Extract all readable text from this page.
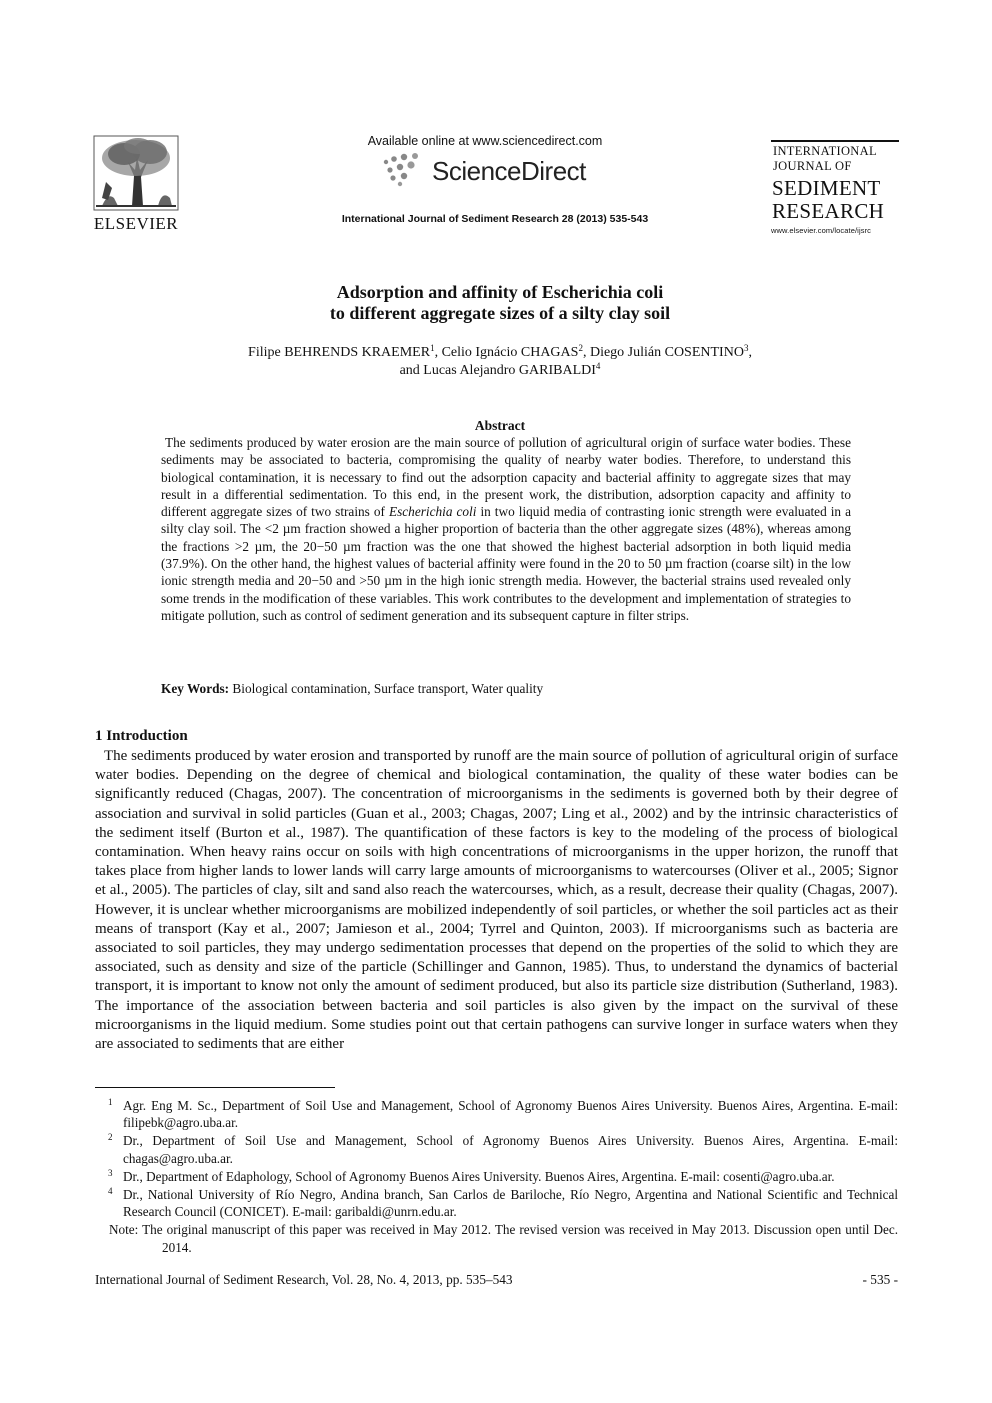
ELSEVIER
Available online at www.sciencedirect.com
ScienceDirect
International Journal of Sediment Research 28 (2013) 535-543
INTERNATIONAL
JOURNAL OF
SEDIMENT
RESEARCH
www.elsevier.com/locate/ijsrc
Adsorption and affinity of Escherichia coli
to different aggregate sizes of a silty clay soil
Filipe BEHRENDS KRAEMER$^1$, Celio Ignácio CHAGAS$^2$, Diego Julián COSENTINO$^3$,
and Lucas Alejandro GARIBALDI$^4$
Abstract
The sediments produced by water erosion are the main source of pollution of agricultural origin of surface water bodies. These sediments may be associated to bacteria, compromising the quality of nearby water bodies. Therefore, to understand this biological contamination, it is necessary to find out the adsorption capacity and bacterial affinity to aggregate sizes that may result in a differential sedimentation. To this end, in the present work, the distribution, adsorption capacity and affinity to different aggregate sizes of two strains of Escherichia coli in two liquid media of contrasting ionic strength were evaluated in a silty clay soil. The <2 µm fraction showed a higher proportion of bacteria than the other aggregate sizes (48%), whereas among the fractions >2 µm, the 20−50 µm fraction was the one that showed the highest bacterial adsorption in both liquid media (37.9%). On the other hand, the highest values of bacterial affinity were found in the 20 to 50 µm fraction (coarse silt) in the low ionic strength media and 20−50 and >50 µm in the high ionic strength media. However, the bacterial strains used revealed only some trends in the modification of these variables. This work contributes to the development and implementation of strategies to mitigate pollution, such as control of sediment generation and its subsequent capture in filter strips.
Key Words: Biological contamination, Surface transport, Water quality
1 Introduction
The sediments produced by water erosion and transported by runoff are the main source of pollution of agricultural origin of surface water bodies. Depending on the degree of chemical and biological contamination, the quality of these water bodies can be significantly reduced (Chagas, 2007). The concentration of microorganisms in the sediments is governed both by their degree of association and survival in solid particles (Guan et al., 2003; Chagas, 2007; Ling et al., 2002) and by the intrinsic characteristics of the sediment itself (Burton et al., 1987). The quantification of these factors is key to the modeling of the process of biological contamination. When heavy rains occur on soils with high concentrations of microorganisms in the upper horizon, the runoff that takes place from higher lands to lower lands will carry large amounts of microorganisms to watercourses (Oliver et al., 2005; Signor et al., 2005). The particles of clay, silt and sand also reach the watercourses, which, as a result, decrease their quality (Chagas, 2007). However, it is unclear whether microorganisms are mobilized independently of soil particles, or whether the soil particles act as their means of transport (Kay et al., 2007; Jamieson et al., 2004; Tyrrel and Quinton, 2003). If microorganisms such as bacteria are associated to soil particles, they may undergo sedimentation processes that depend on the properties of the solid to which they are associated, such as density and size of the particle (Schillinger and Gannon, 1985). Thus, to understand the dynamics of bacterial transport, it is important to know not only the amount of sediment produced, but also its particle size distribution (Sutherland, 1983). The importance of the association between bacteria and soil particles is also given by the impact on the survival of these microorganisms in the liquid medium. Some studies point out that certain pathogens can survive longer in surface waters when they are associated to sediments that are either
1 Agr. Eng M. Sc., Department of Soil Use and Management, School of Agronomy Buenos Aires University. Buenos Aires, Argentina. E-mail: filipebk@agro.uba.ar.
2 Dr., Department of Soil Use and Management, School of Agronomy Buenos Aires University. Buenos Aires, Argentina. E-mail: chagas@agro.uba.ar.
3 Dr., Department of Edaphology, School of Agronomy Buenos Aires University. Buenos Aires, Argentina. E-mail: cosenti@agro.uba.ar.
4 Dr., National University of Río Negro, Andina branch, San Carlos de Bariloche, Río Negro, Argentina and National Scientific and Technical Research Council (CONICET). E-mail: garibaldi@unrn.edu.ar.
Note: The original manuscript of this paper was received in May 2012. The revised version was received in May 2013. Discussion open until Dec. 2014.
International Journal of Sediment Research, Vol. 28, No. 4, 2013, pp. 535–543	- 535 -
